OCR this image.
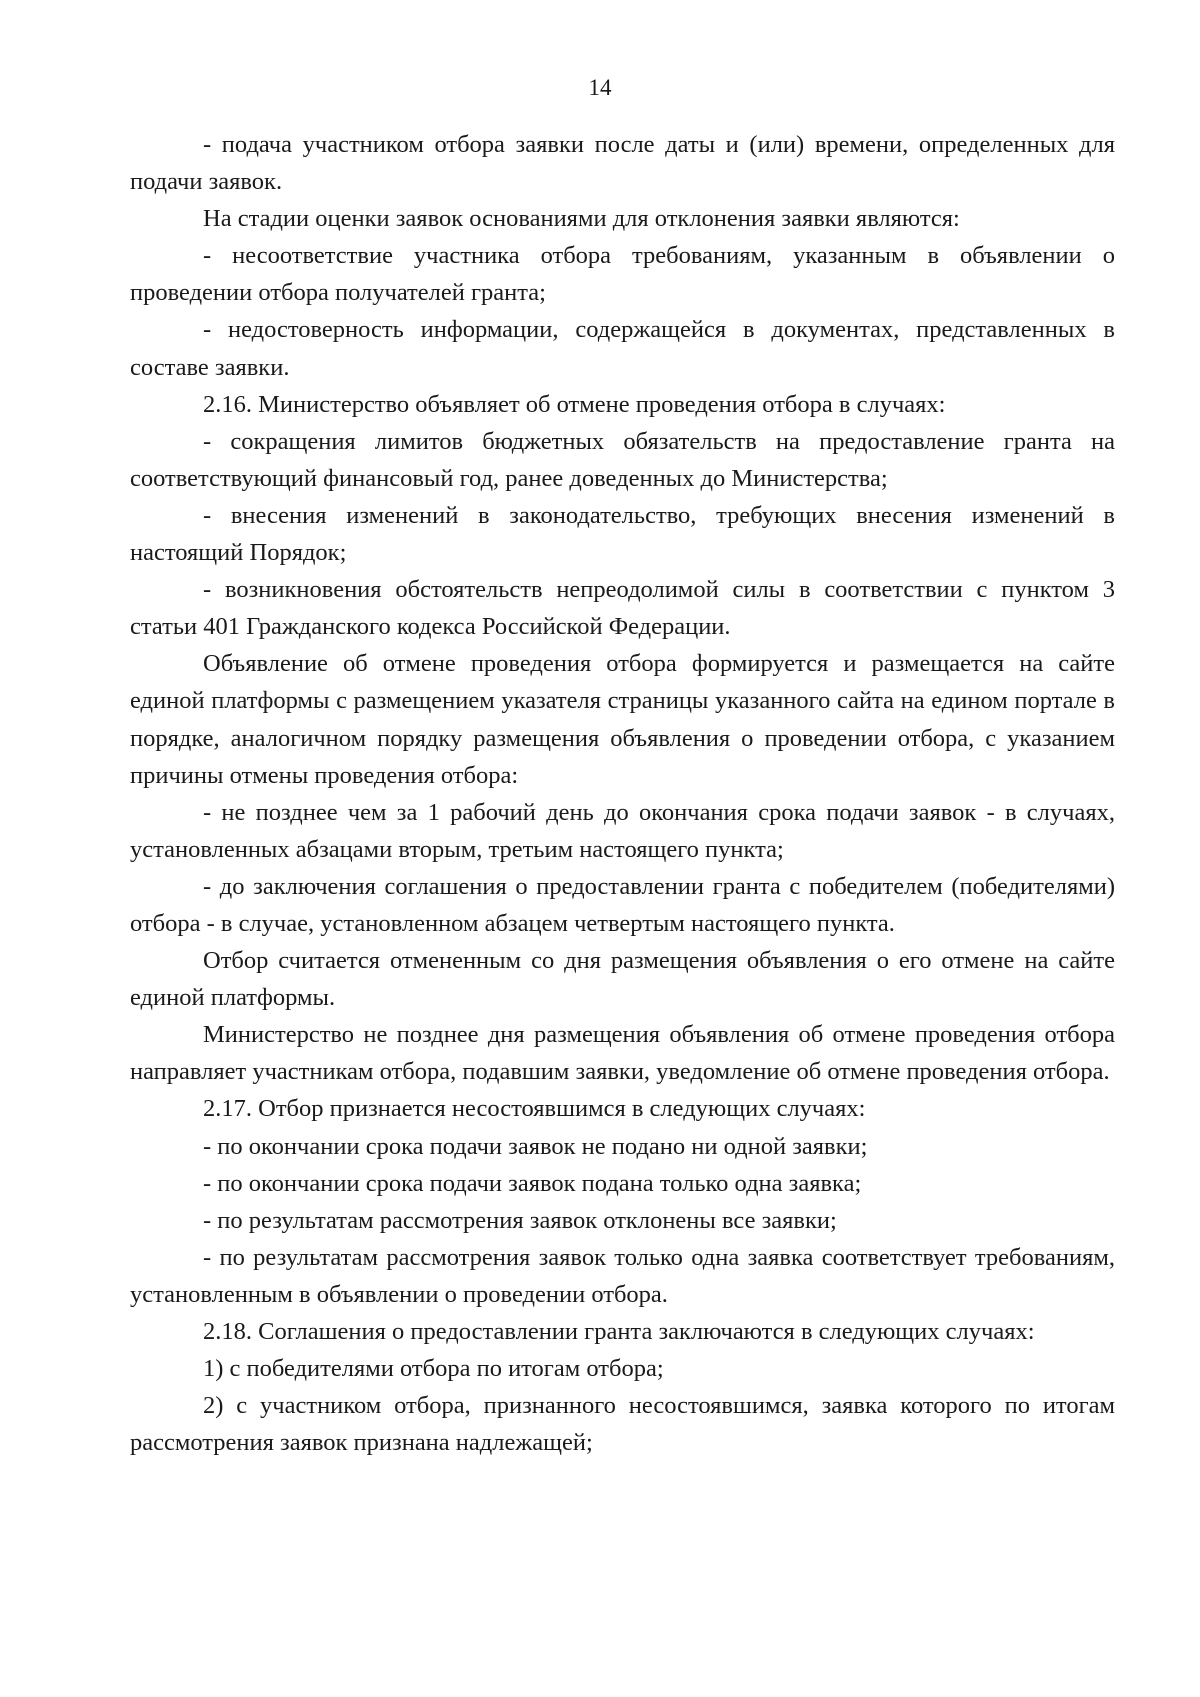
14

- подача участником отбора заявки после даты и (или) времени, определенных для подачи заявок.

На стадии оценки заявок основаниями для отклонения заявки являются:

- несоответствие участника отбора требованиям, указанным в объявлении о проведении отбора получателей гранта;

- недостоверность информации, содержащейся в документах, представленных в составе заявки.

2.16. Министерство объявляет об отмене проведения отбора в случаях:

- сокращения лимитов бюджетных обязательств на предоставление гранта на соответствующий финансовый год, ранее доведенных до Министерства;

- внесения изменений в законодательство, требующих внесения изменений в настоящий Порядок;

- возникновения обстоятельств непреодолимой силы в соответствии с пунктом 3 статьи 401 Гражданского кодекса Российской Федерации.

Объявление об отмене проведения отбора формируется и размещается на сайте единой платформы с размещением указателя страницы указанного сайта на едином портале в порядке, аналогичном порядку размещения объявления о проведении отбора, с указанием причины отмены проведения отбора:

- не позднее чем за 1 рабочий день до окончания срока подачи заявок - в случаях, установленных абзацами вторым, третьим настоящего пункта;

- до заключения соглашения о предоставлении гранта с победителем (победителями) отбора - в случае, установленном абзацем четвертым настоящего пункта.

Отбор считается отмененным со дня размещения объявления о его отмене на сайте единой платформы.

Министерство не позднее дня размещения объявления об отмене проведения отбора направляет участникам отбора, подавшим заявки, уведомление об отмене проведения отбора.

2.17. Отбор признается несостоявшимся в следующих случаях:

- по окончании срока подачи заявок не подано ни одной заявки;

- по окончании срока подачи заявок подана только одна заявка;

- по результатам рассмотрения заявок отклонены все заявки;

- по результатам рассмотрения заявок только одна заявка соответствует требованиям, установленным в объявлении о проведении отбора.

2.18. Соглашения о предоставлении гранта заключаются в следующих случаях:

1) с победителями отбора по итогам отбора;

2) с участником отбора, признанного несостоявшимся, заявка которого по итогам рассмотрения заявок признана надлежащей;
